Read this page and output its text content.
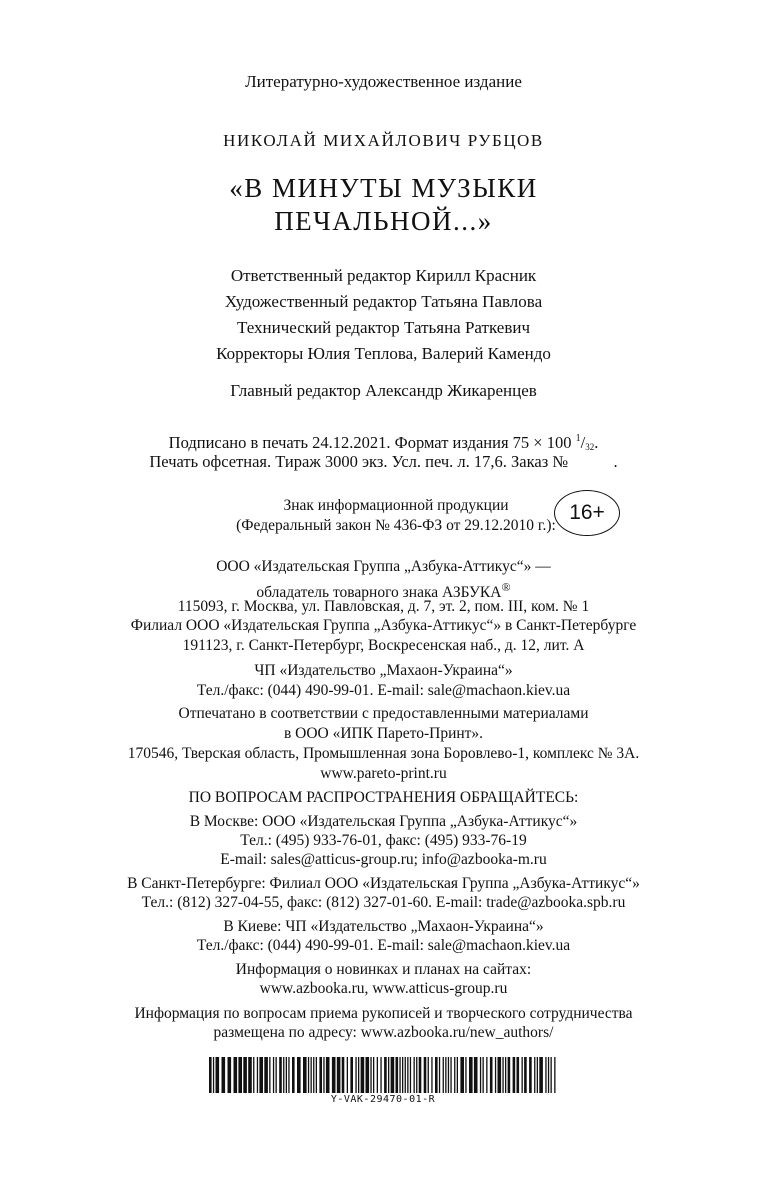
Литературно-художественное издание
НИКОЛАЙ МИХАЙЛОВИЧ РУБЦОВ
«В МИНУТЫ МУЗЫКИ
ПЕЧАЛЬНОЙ...»
Ответственный редактор Кирилл Красник
Художественный редактор Татьяна Павлова
Технический редактор Татьяна Раткевич
Корректоры Юлия Теплова, Валерий Камендо
Главный редактор Александр Жикаренцев
Подписано в печать 24.12.2021. Формат издания 75 × 100 $^1/_{32}$.
Печать офсетная. Тираж 3000 экз. Усл. печ. л. 17,6. Заказ №           .
Знак информационной продукции
(Федеральный закон № 436-ФЗ от 29.12.2010 г.):
16+
ООО «Издательская Группа „Азбука-Аттикус“» —
обладатель товарного знака АЗБУКА®
115093, г. Москва, ул. Павловская, д. 7, эт. 2, пом. III, ком. № 1
Филиал ООО «Издательская Группа „Азбука-Аттикус“» в Санкт-Петербурге
191123, г. Санкт-Петербург, Воскресенская наб., д. 12, лит. А
ЧП «Издательство „Махаон-Украина“»
Тел./факс: (044) 490-99-01. E-mail: sale@machaon.kiev.ua
Отпечатано в соответствии с предоставленными материалами
в ООО «ИПК Парето-Принт».
170546, Тверская область, Промышленная зона Боровлево-1, комплекс № 3А.
www.pareto-print.ru
ПО ВОПРОСАМ РАСПРОСТРАНЕНИЯ ОБРАЩАЙТЕСЬ:
В Москве: ООО «Издательская Группа „Азбука-Аттикус“»
Тел.: (495) 933-76-01, факс: (495) 933-76-19
E-mail: sales@atticus-group.ru; info@azbooka-m.ru
В Санкт-Петербурге: Филиал ООО «Издательская Группа „Азбука-Аттикус“»
Тел.: (812) 327-04-55, факс: (812) 327-01-60. E-mail: trade@azbooka.spb.ru
В Киеве: ЧП «Издательство „Махаон-Украина“»
Тел./факс: (044) 490-99-01. E-mail: sale@machaon.kiev.ua
Информация о новинках и планах на сайтах:
www.azbooka.ru, www.atticus-group.ru
Информация по вопросам приема рукописей и творческого сотрудничества
размещена по адресу: www.azbooka.ru/new_authors/
Y-VAK-29470-01-R
